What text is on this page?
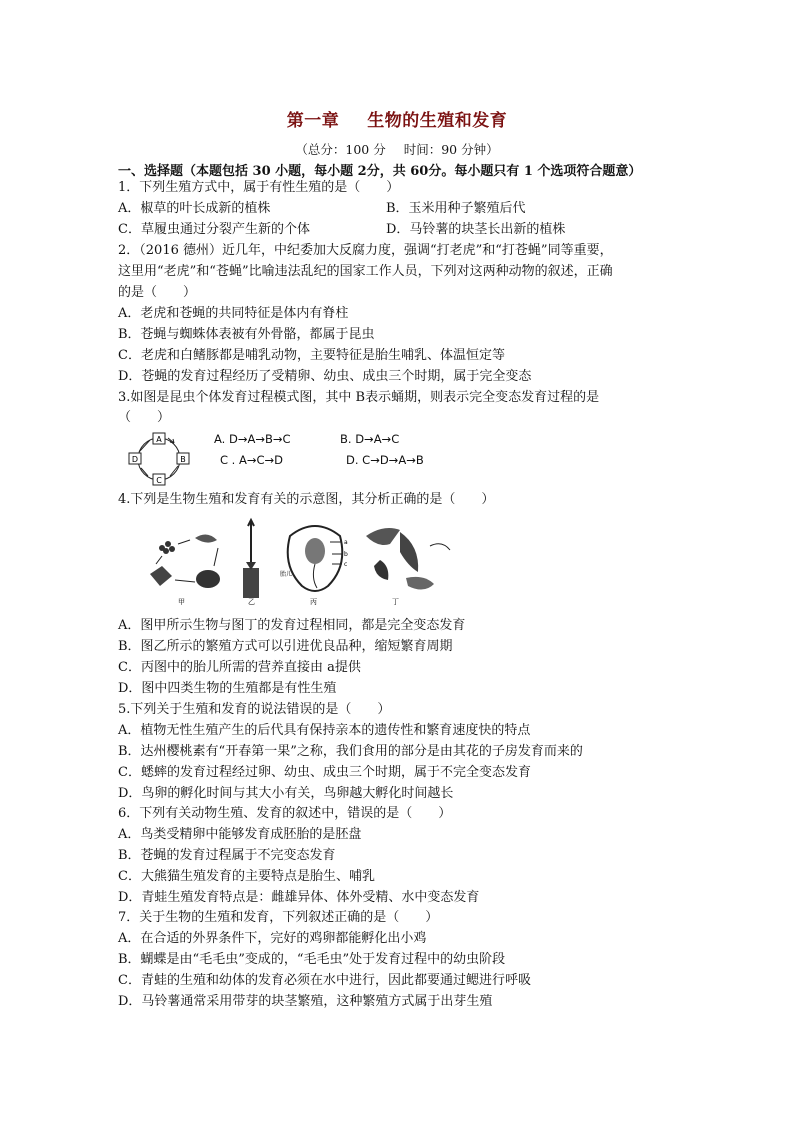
第一章 生物的生殖和发育
（总分：100 分 时间：90 分钟）
一、选择题（本题包括 30 小题，每小题 2分，共 60分。每小题只有 1 个选项符合题意）
1．下列生殖方式中，属于有性生殖的是（　　）
A．椒草的叶长成新的植株	B．玉米用种子繁殖后代
C．草履虫通过分裂产生新的个体	D．马铃薯的块茎长出新的植株
2．（2016 德州）近几年，中纪委加大反腐力度，强调“打老虎”和“打苍蝇”同等重要，
这里用“老虎”和“苍蝇”比喻违法乱纪的国家工作人员，下列对这两种动物的叙述，正确
的是（　　）
A．老虎和苍蝇的共同特征是体内有脊柱
B．苍蝇与蜘蛛体表被有外骨骼，都属于昆虫
C．老虎和白鳍豚都是哺乳动物，主要特征是胎生哺乳、体温恒定等
D．苍蝇的发育过程经历了受精卵、幼虫、成虫三个时期，属于完全变态
3.如图是昆虫个体发育过程模式图，其中 B表示蛹期，则表示完全变态发育过程的是
（　　）
A
B
C
D
A. D→A→B→C	B. D→A→C
C . A→C→D	D. C→D→A→B
4.下列是生物生殖和发育有关的示意图，其分析正确的是（　　）
甲	乙
a
b
c
胎儿
丙	丁
A．图甲所示生物与图丁的发育过程相同，都是完全变态发育
B．图乙所示的繁殖方式可以引进优良品种，缩短繁育周期
C．丙图中的胎儿所需的营养直接由 a提供
D．图中四类生物的生殖都是有性生殖
5.下列关于生殖和发育的说法错误的是（　　）
A．植物无性生殖产生的后代具有保持亲本的遗传性和繁育速度快的特点
B．达州樱桃素有“开春第一果”之称，我们食用的部分是由其花的子房发育而来的
C．蟋蟀的发育过程经过卵、幼虫、成虫三个时期，属于不完全变态发育
D．鸟卵的孵化时间与其大小有关，鸟卵越大孵化时间越长
6．下列有关动物生殖、发育的叙述中，错误的是（　　）
A．鸟类受精卵中能够发育成胚胎的是胚盘
B．苍蝇的发育过程属于不完变态发育
C．大熊猫生殖发育的主要特点是胎生、哺乳
D．青蛙生殖发育特点是：雌雄异体、体外受精、水中变态发育
7．关于生物的生殖和发育，下列叙述正确的是（　　）
A．在合适的外界条件下，完好的鸡卵都能孵化出小鸡
B．蝴蝶是由“毛毛虫”变成的，“毛毛虫”处于发育过程中的幼虫阶段
C．青蛙的生殖和幼体的发育必须在水中进行，因此都要通过鳃进行呼吸
D．马铃薯通常采用带芽的块茎繁殖，这种繁殖方式属于出芽生殖
